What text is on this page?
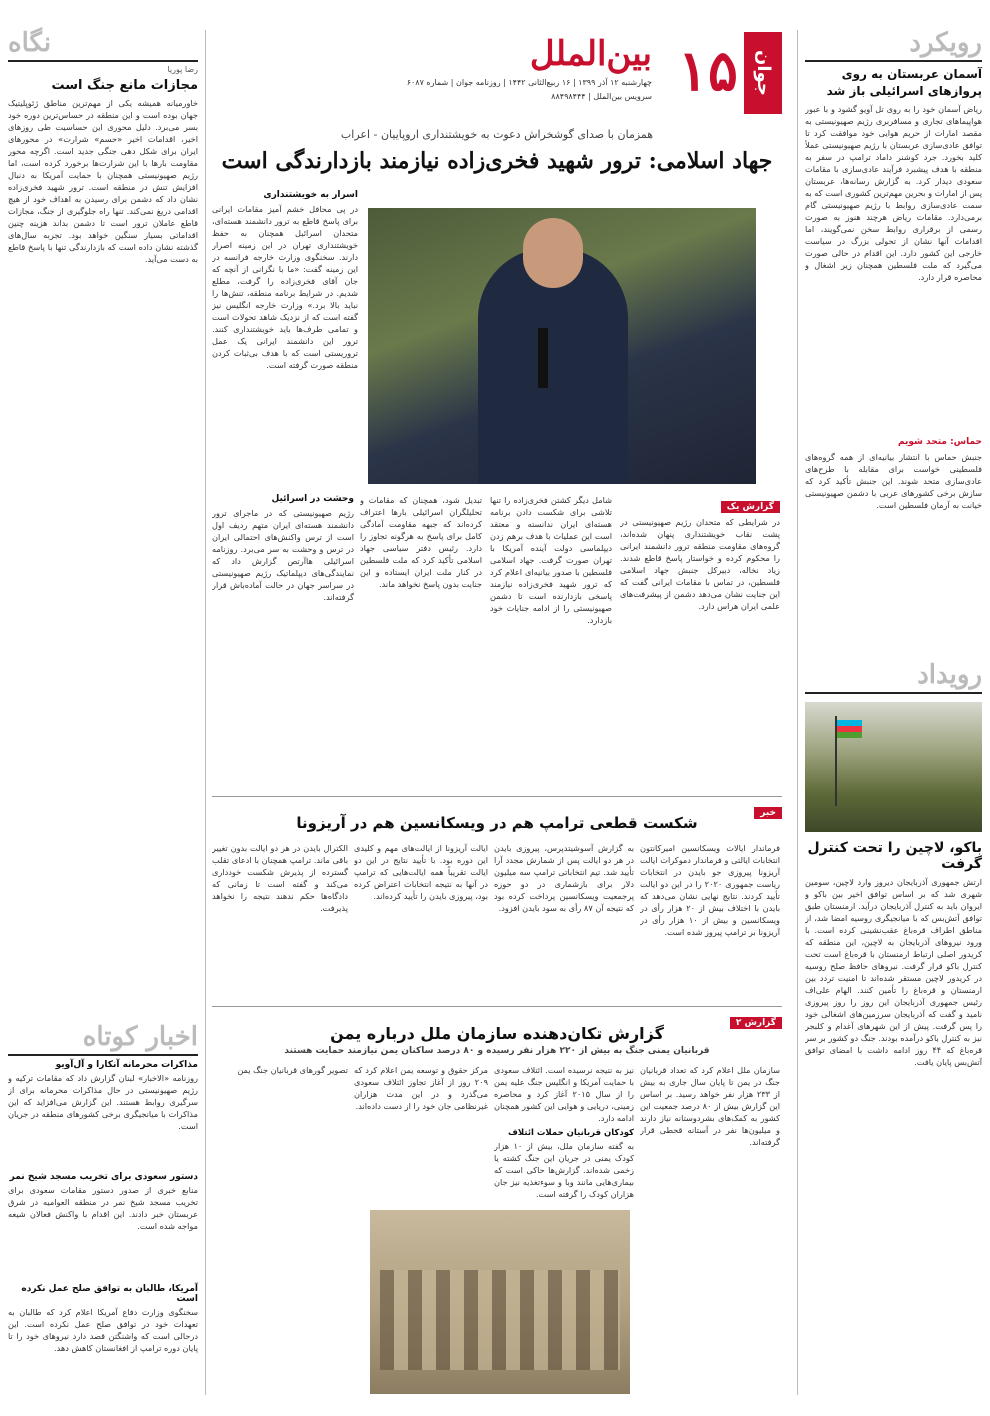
رویکرد
آسمان عربستان به روی پروازهای اسرائیلی باز شد
ریاض آسمان خود را به روی تل آویو گشود و با عبور هواپیماهای تجاری و مسافربری رژیم صهیونیستی به مقصد امارات از حریم هوایی خود موافقت کرد تا توافق عادی‌سازی عربستان با رژیم صهیونیستی عملاً کلید بخورد. جرد کوشنر داماد ترامپ در سفر به منطقه با هدف پیشبرد فرآیند عادی‌سازی با مقامات سعودی دیدار کرد. به گزارش رسانه‌ها، عربستان پس از امارات و بحرین مهم‌ترین کشوری است که به سمت عادی‌سازی روابط با رژیم صهیونیستی گام برمی‌دارد. مقامات ریاض هرچند هنوز به صورت رسمی از برقراری روابط سخن نمی‌گویند، اما اقدامات آنها نشان از تحولی بزرگ در سیاست خارجی این کشور دارد. این اقدام در حالی صورت می‌گیرد که ملت فلسطین همچنان زیر اشغال و محاصره قرار دارد.
حماس: متحد شویم
جنبش حماس با انتشار بیانیه‌ای از همه گروه‌های فلسطینی خواست برای مقابله با طرح‌های عادی‌سازی متحد شوند. این جنبش تأکید کرد که سازش برخی کشورهای عربی با دشمن صهیونیستی خیانت به آرمان فلسطین است.
رویداد
باکو، لاچین را تحت کنترل گرفت
ارتش جمهوری آذربایجان دیروز وارد لاچین، سومین شهری شد که بر اساس توافق اخیر بین باکو و ایروان باید به کنترل آذربایجان درآید. ارمنستان طبق توافق آتش‌بس که با میانجیگری روسیه امضا شد، از مناطق اطراف قره‌باغ عقب‌نشینی کرده است. با ورود نیروهای آذربایجان به لاچین، این منطقه که کریدور اصلی ارتباط ارمنستان با قره‌باغ است تحت کنترل باکو قرار گرفت. نیروهای حافظ صلح روسیه در کریدور لاچین مستقر شده‌اند تا امنیت تردد بین ارمنستان و قره‌باغ را تأمین کنند. الهام علی‌اف رئیس جمهوری آذربایجان این روز را روز پیروزی نامید و گفت که آذربایجان سرزمین‌های اشغالی خود را پس گرفت. پیش از این شهرهای آغدام و کلبجر نیز به کنترل باکو درآمده بودند. جنگ دو کشور بر سر قره‌باغ که ۴۴ روز ادامه داشت با امضای توافق آتش‌بس پایان یافت.
نگاه
رضا پوریا
مجازات مانع جنگ است
خاورمیانه همیشه یکی از مهم‌ترین مناطق ژئوپلیتیک جهان بوده است و این منطقه در حساس‌ترین دوره خود بسر می‌برد. دلیل محوری این حساسیت طی روزهای اخیر، اقدامات اخیر «حسم» شرارت» در محور‌های ایران برای شکل دهی جنگی جدید است. اگرچه محور مقاومت بارها با این شرارت‌ها برخورد کرده است، اما رژیم صهیونیستی همچنان با حمایت آمریکا به دنبال افزایش تنش در منطقه است. ترور شهید فخری‌زاده نشان داد که دشمن برای رسیدن به اهداف خود از هیچ اقدامی دریغ نمی‌کند. تنها راه جلوگیری از جنگ، مجازات قاطع عاملان ترور است تا دشمن بداند هزینه چنین اقداماتی بسیار سنگین خواهد بود. تجربه سال‌های گذشته نشان داده است که بازدارندگی تنها با پاسخ قاطع به دست می‌آید.
اخبار کوتاه
مذاکرات محرمانه آنکارا و آل‌آویو
روزنامه «الاخبار» لبنان گزارش داد که مقامات ترکیه و رژیم صهیونیستی در حال مذاکرات محرمانه برای از سرگیری روابط هستند. این گزارش می‌افزاید که این مذاکرات با میانجیگری برخی کشورهای منطقه در جریان است.
دستور سعودی برای تخریب مسجد شیخ نمر
منابع خبری از صدور دستور مقامات سعودی برای تخریب مسجد شیخ نمر در منطقه العوامیه در شرق عربستان خبر دادند. این اقدام با واکنش فعالان شیعه مواجه شده است.
آمریکا، طالبان به توافق صلح عمل نکرده است
سخنگوی وزارت دفاع آمریکا اعلام کرد که طالبان به تعهدات خود در توافق صلح عمل نکرده است. این درحالی است که واشنگتن قصد دارد نیروهای خود را تا پایان دوره ترامپ از افغانستان کاهش دهد.
جوان
۱۵
بین‌الملل
چهارشنبه ۱۲ آذر ۱۳۹۹ | ۱۶ ربیع‌الثانی ۱۴۴۲ | روزنامه جوان | شماره ۶۰۸۷
سرویس بین‌الملل | ۸۸۴۹۸۴۴۴
همزمان با صدای گوشخراش دعوت به خویشتنداری اروپاییان - اعراب
جهاد اسلامی: ترور شهید فخری‌زاده نیازمند بازدارندگی است
اسرار به خویشتنداری
در پی محافل خشم آمیز مقامات ایرانی برای پاسخ قاطع به ترور دانشمند هسته‌ای، متحدان اسرائیل همچنان به حفظ خویشتنداری تهران در این زمینه اصرار دارند. سخنگوی وزارت خارجه فرانسه در این زمینه گفت: «ما با نگرانی از آنچه که جان آقای فخری‌زاده را گرفت، مطلع شدیم. در شرایط برنامه منطقه، تنش‌ها را نباید بالا برد.» وزارت خارجه انگلیس نیز گفته است که از نزدیک شاهد تحولات است و تمامی طرف‌ها باید خویشتنداری کنند. ترور این دانشمند ایرانی یک عمل تروریستی است که با هدف بی‌ثبات کردن منطقه صورت گرفته است.
گزارش یک
در شرایطی که متحدان رژیم صهیونیستی در پشت نقاب خویشتنداری پنهان شده‌اند، گروه‌های مقاومت منطقه ترور دانشمند ایرانی را محکوم کرده و خواستار پاسخ قاطع شدند. زیاد نخاله، دبیرکل جنبش جهاد اسلامی فلسطین، در تماس با مقامات ایرانی گفت که این جنایت نشان می‌دهد دشمن از پیشرفت‌های علمی ایران هراس دارد.
شامل دیگر کشتن فخری‌زاده را تنها تلاشی برای شکست دادن برنامه هسته‌ای ایران ندانسته و معتقد است این عملیات با هدف برهم زدن دیپلماسی دولت آینده آمریکا با تهران صورت گرفت. جهاد اسلامی فلسطین با صدور بیانیه‌ای اعلام کرد که ترور شهید فخری‌زاده نیازمند پاسخی بازدارنده است تا دشمن صهیونیستی را از ادامه جنایات خود بازدارد.
تبدیل شود، همچنان که مقامات و تحلیلگران اسرائیلی بارها اعتراف کرده‌اند که جبهه مقاومت آمادگی کامل برای پاسخ به هرگونه تجاوز را دارد. رئیس دفتر سیاسی جهاد اسلامی تأکید کرد که ملت فلسطین در کنار ملت ایران ایستاده و این جنایت بدون پاسخ نخواهد ماند.
وحشت در اسرائیل
رژیم صهیونیستی که در ماجرای ترور دانشمند هسته‌ای ایران متهم ردیف اول است از ترس واکنش‌های احتمالی ایران در ترس و وحشت به سر می‌برد. روزنامه اسرائیلی هاآرتص گزارش داد که نمایندگی‌های دیپلماتیک رژیم صهیونیستی در سراسر جهان در حالت آماده‌باش قرار گرفته‌اند.
خبر
شکست قطعی ترامپ هم در ویسکانسین هم در آریزونا
فرماندار ایالات ویسکانسین امیرکانتون انتخابات ایالتی و فرماندار دموکرات ایالت آریزونا پیروزی جو بایدن در انتخابات ریاست جمهوری ۲۰۲۰ را در این دو ایالت تأیید کردند. نتایج نهایی نشان می‌دهد که بایدن با اختلاف بیش از ۲۰ هزار رأی در ویسکانسین و بیش از ۱۰ هزار رأی در آریزونا بر ترامپ پیروز شده است.
به گزارش آسوشیتدپرس، پیروزی بایدن در هر دو ایالت پس از شمارش مجدد آرا تأیید شد. تیم انتخاباتی ترامپ سه میلیون دلار برای بازشماری در دو حوزه پرجمعیت ویسکانسین پرداخت کرده بود که نتیجه آن ۸۷ رأی به سود بایدن افزود.
ایالت آریزونا از ایالت‌های مهم و کلیدی این دوره بود. با تأیید نتایج در این دو ایالت تقریباً همه ایالت‌هایی که ترامپ در آنها به نتیجه انتخابات اعتراض کرده بود، پیروزی بایدن را تأیید کرده‌اند.
الکترال بایدن در هر دو ایالت بدون تغییر باقی ماند. ترامپ همچنان با ادعای تقلب گسترده از پذیرش شکست خودداری می‌کند و گفته است تا زمانی که دادگاه‌ها حکم ندهند نتیجه را نخواهد پذیرفت.
گزارش ۲
گزارش تکان‌دهنده سازمان ملل درباره یمن
قربانیان یمنی جنگ به بیش از ۲۲۰ هزار نفر رسیده و ۸۰ درصد ساکنان یمن نیازمند حمایت هستند
سازمان ملل اعلام کرد که تعداد قربانیان جنگ در یمن تا پایان سال جاری به بیش از ۲۳۳ هزار نفر خواهد رسید. بر اساس این گزارش بیش از ۸۰ درصد جمعیت این کشور به کمک‌های بشردوستانه نیاز دارند و میلیون‌ها نفر در آستانه قحطی قرار گرفته‌اند.
نیز به نتیجه نرسیده است. ائتلاف سعودی با حمایت آمریکا و انگلیس جنگ علیه یمن را از سال ۲۰۱۵ آغاز کرد و محاصره زمینی، دریایی و هوایی این کشور همچنان ادامه دارد.
کودکان قربانیان حملات ائتلاف
به گفته سازمان ملل، بیش از ۱۰ هزار کودک یمنی در جریان این جنگ کشته یا زخمی شده‌اند. گزارش‌ها حاکی است که بیماری‌هایی مانند وبا و سوءتغذیه نیز جان هزاران کودک را گرفته است.
مرکز حقوق و توسعه یمن اعلام کرد که ۲۰۹ روز از آغاز تجاوز ائتلاف سعودی می‌گذرد و در این مدت هزاران غیرنظامی جان خود را از دست داده‌اند.
تصویر گورهای قربانیان جنگ یمن
